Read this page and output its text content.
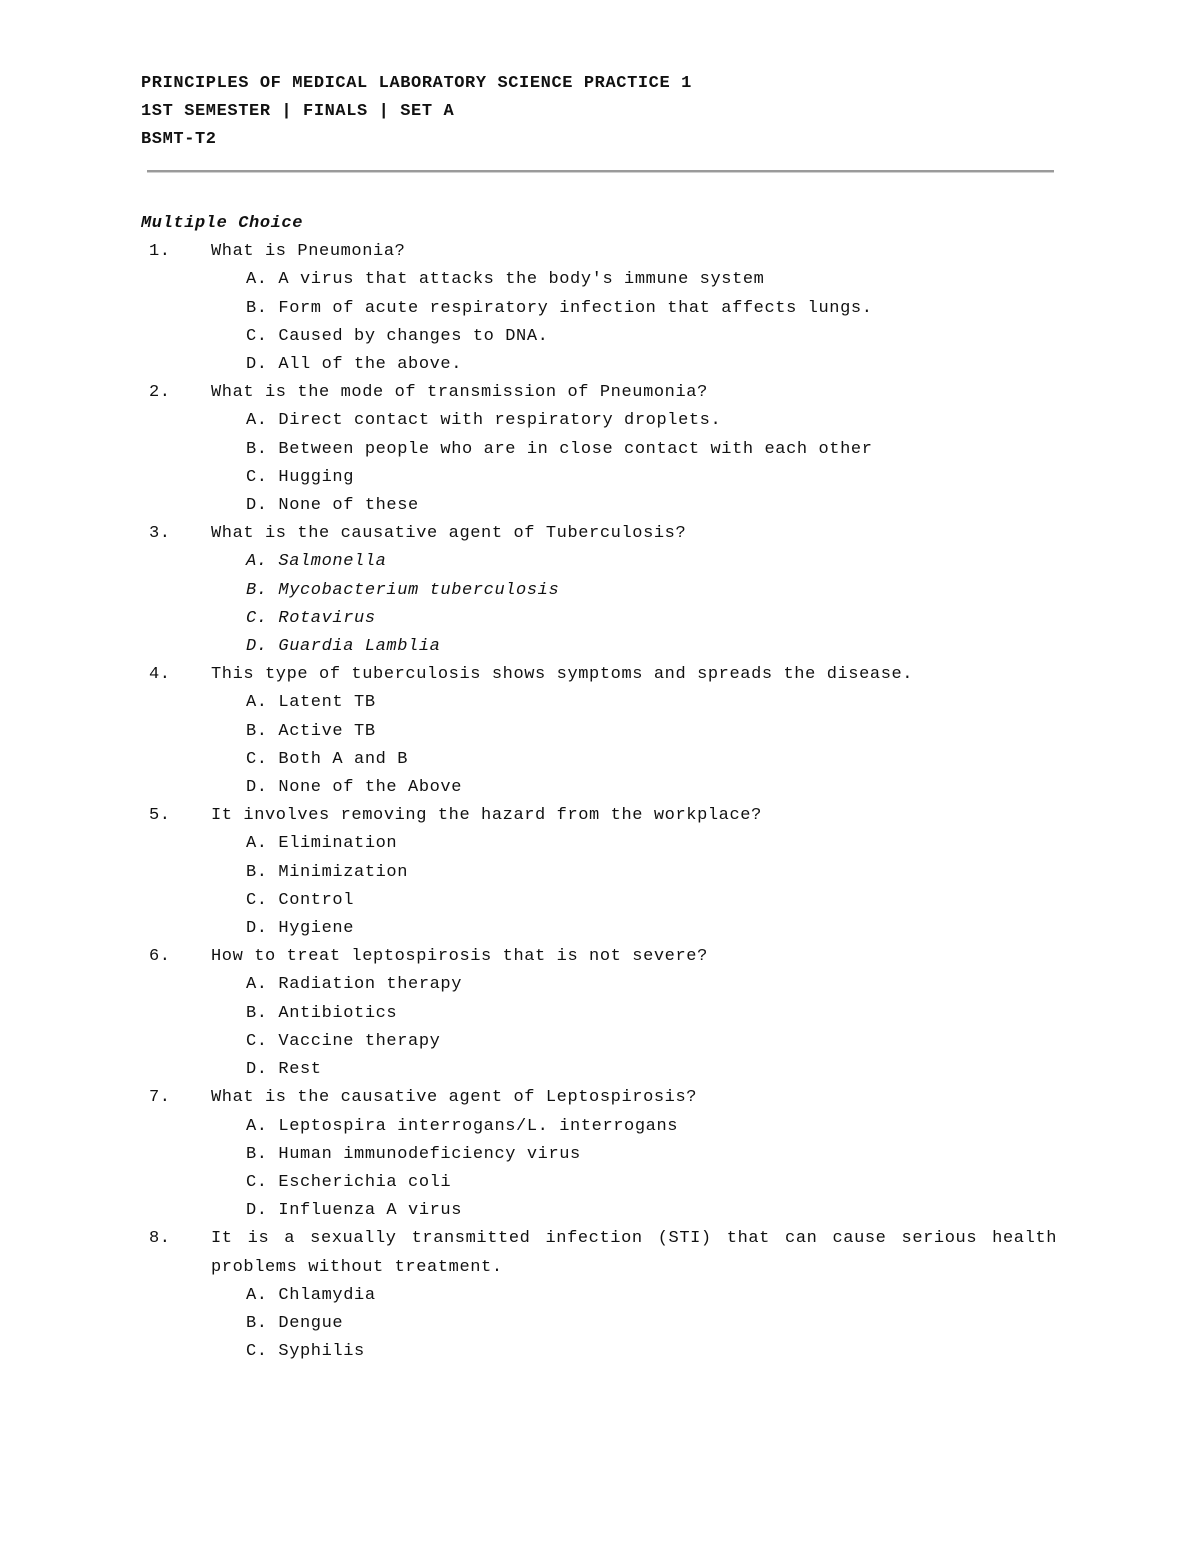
PRINCIPLES OF MEDICAL LABORATORY SCIENCE PRACTICE 1
1ST SEMESTER | FINALS | SET A
BSMT-T2
Multiple Choice
1.	What is Pneumonia?
A. A virus that attacks the body's immune system
B. Form of acute respiratory infection that affects lungs.
C. Caused by changes to DNA.
D. All of the above.
2.	What is the mode of transmission of Pneumonia?
A. Direct contact with respiratory droplets.
B. Between people who are in close contact with each other
C. Hugging
D. None of these
3.	What is the causative agent of Tuberculosis?
A. Salmonella
B. Mycobacterium tuberculosis
C. Rotavirus
D. Guardia Lamblia
4.	This type of tuberculosis shows symptoms and spreads the disease.
A. Latent TB
B. Active TB
C. Both A and B
D. None of the Above
5.	It involves removing the hazard from the workplace?
A. Elimination
B. Minimization
C. Control
D. Hygiene
6.	How to treat leptospirosis that is not severe?
A. Radiation therapy
B. Antibiotics
C. Vaccine therapy
D. Rest
7.	What is the causative agent of Leptospirosis?
A. Leptospira interrogans/L. interrogans
B. Human immunodeficiency virus
C. Escherichia coli
D. Influenza A virus
8.	It is a sexually transmitted infection (STI) that can cause serious health problems without treatment.
A. Chlamydia
B. Dengue
C. Syphilis
